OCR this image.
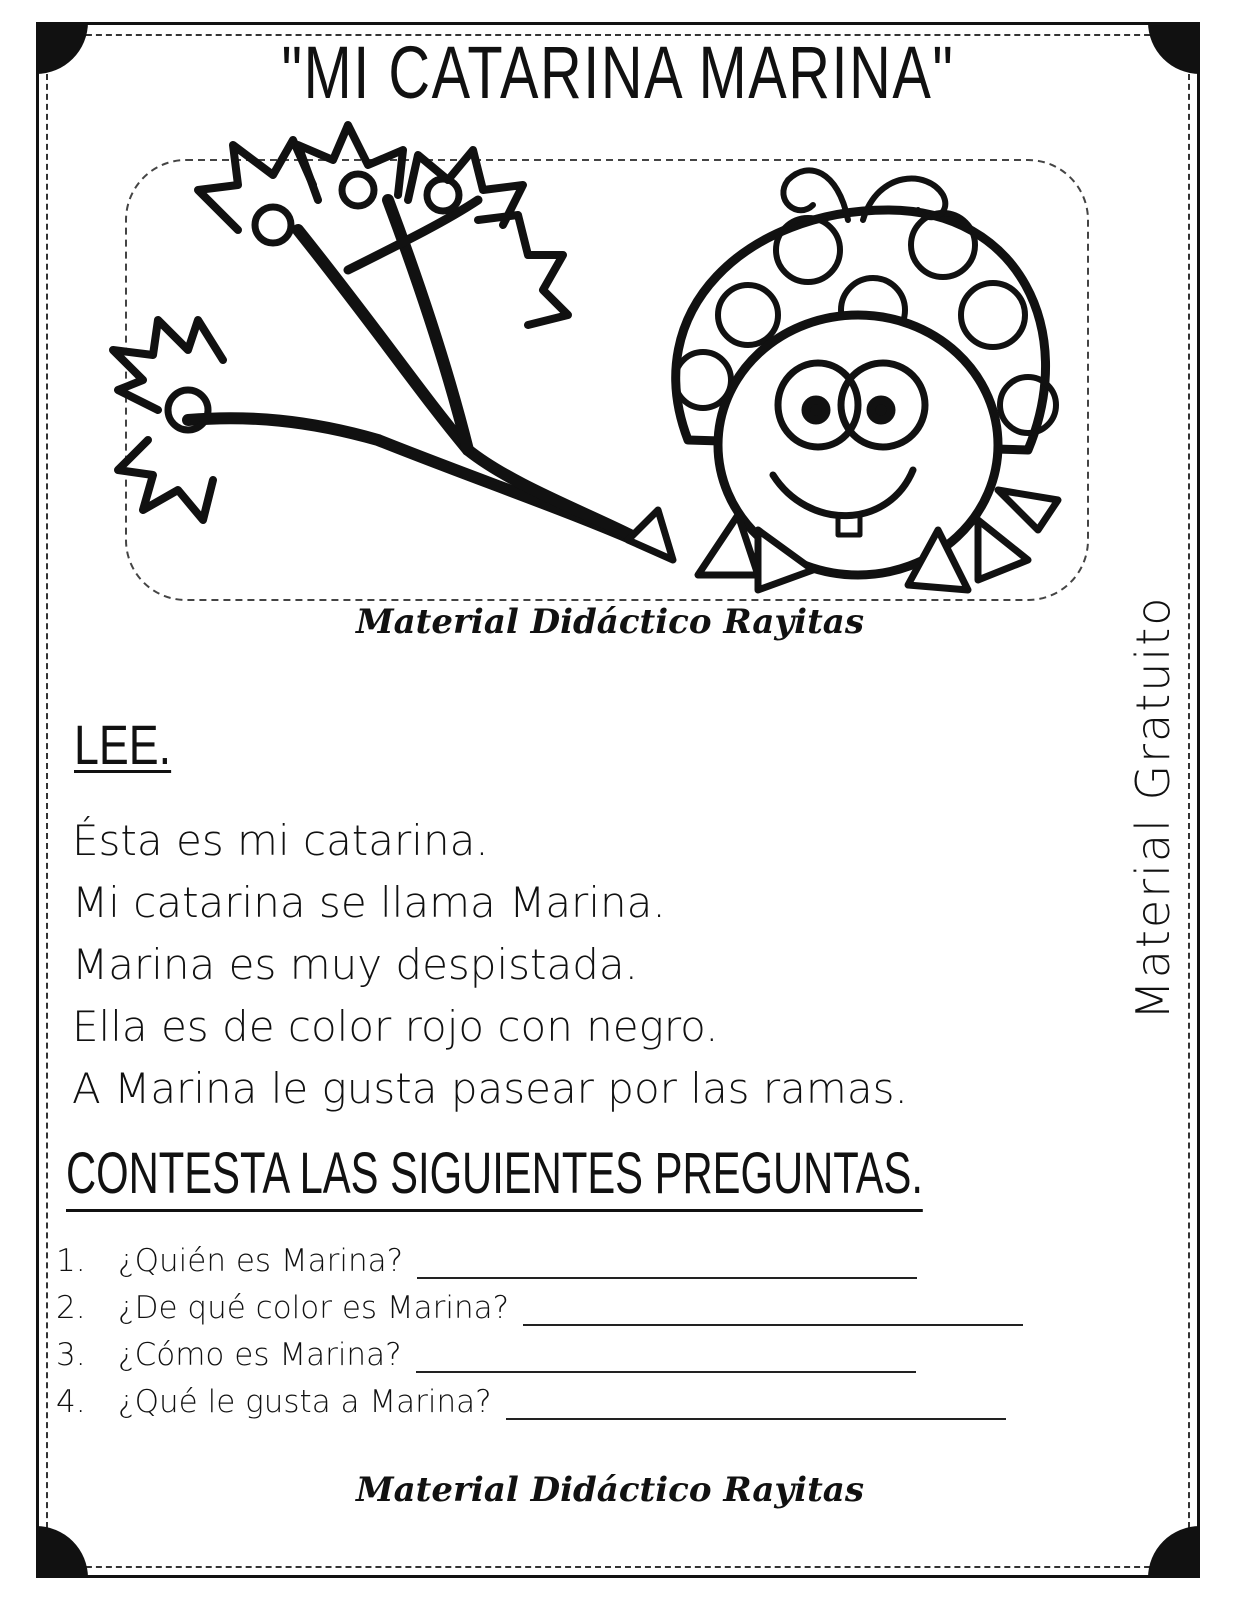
"MI CATARINA MARINA"
Material Didáctico Rayitas	Material Gratuito
LEE.
Ésta es mi catarina.
Mi catarina se llama Marina.
Marina es muy despistada.
Ella es de color rojo con negro.
A Marina le gusta pasear por las ramas.
CONTESTA LAS SIGUIENTES PREGUNTAS.
1.	¿Quién es Marina?
2.	¿De qué color es Marina?
3.	¿Cómo es Marina?
4.	¿Qué le gusta a Marina?
Material Didáctico Rayitas
